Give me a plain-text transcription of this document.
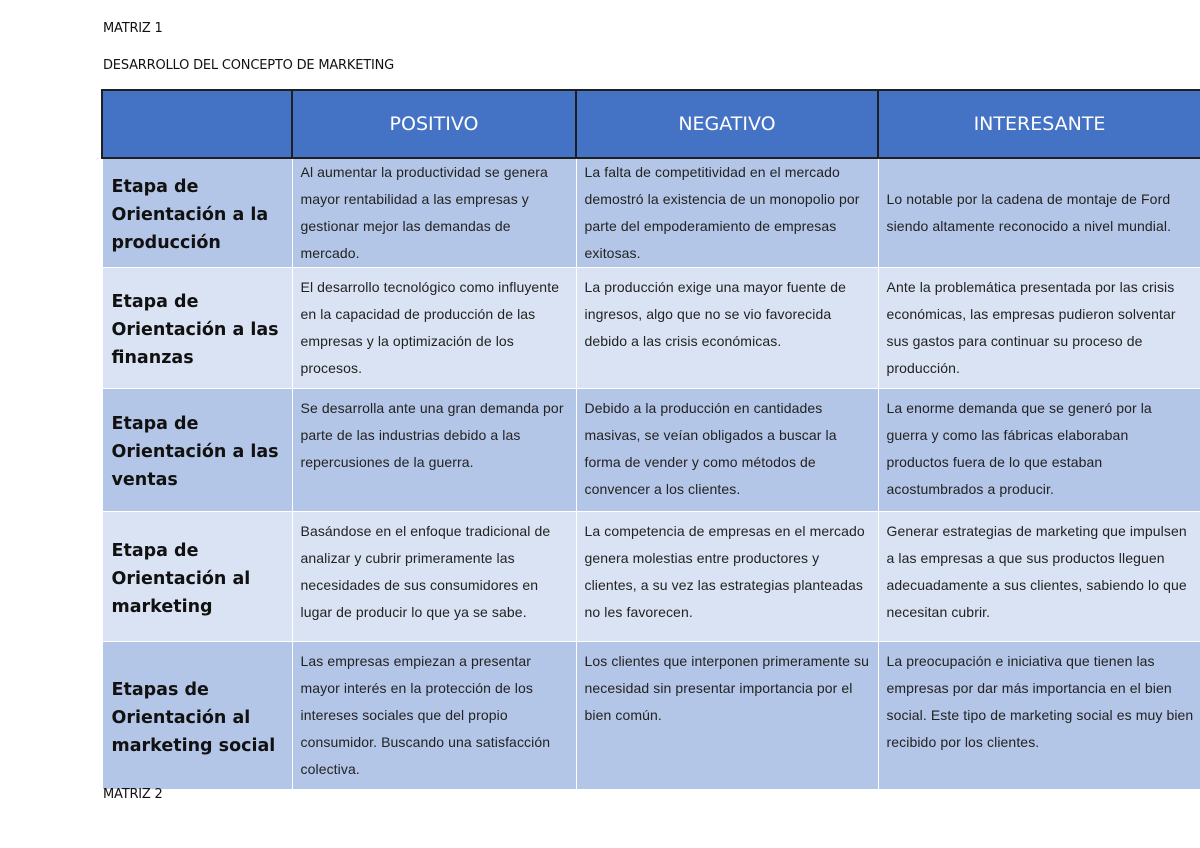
MATRIZ 1
DESARROLLO DEL CONCEPTO DE MARKETING
	POSITIVO	NEGATIVO	INTERESANTE
Etapa de Orientación a la producción	Al aumentar la productividad se genera mayor rentabilidad a las empresas y gestionar mejor las demandas de mercado.	La falta de competitividad en el mercado demostró la existencia de un monopolio por parte del empoderamiento de empresas exitosas.	Lo notable por la cadena de montaje de Ford siendo altamente reconocido a nivel mundial.
Etapa de Orientación a las finanzas	El desarrollo tecnológico como influyente en la capacidad de producción de las empresas y la optimización de los procesos.	La producción exige una mayor fuente de ingresos, algo que no se vio favorecida debido a las crisis económicas.	Ante la problemática presentada por las crisis económicas, las empresas pudieron solventar sus gastos para continuar su proceso de producción.
Etapa de Orientación a las ventas	Se desarrolla ante una gran demanda por parte de las industrias debido a las repercusiones de la guerra.	Debido a la producción en cantidades masivas, se veían obligados a buscar la forma de vender y como métodos de convencer a los clientes.	La enorme demanda que se generó por la guerra y como las fábricas elaboraban productos fuera de lo que estaban acostumbrados a producir.
Etapa de Orientación al marketing	Basándose en el enfoque tradicional de analizar y cubrir primeramente las necesidades de sus consumidores en lugar de producir lo que ya se sabe.	La competencia de empresas en el mercado genera molestias entre productores y clientes, a su vez las estrategias planteadas no les favorecen.	Generar estrategias de marketing que impulsen a las empresas a que sus productos lleguen adecuadamente a sus clientes, sabiendo lo que necesitan cubrir.
Etapas de Orientación al marketing social	Las empresas empiezan a presentar mayor interés en la protección de los intereses sociales que del propio consumidor. Buscando una satisfacción colectiva.	Los clientes que interponen primeramente su necesidad sin presentar importancia por el bien común.	La preocupación e iniciativa que tienen las empresas por dar más importancia en el bien social. Este tipo de marketing social es muy bien recibido por los clientes.
MATRIZ 2
